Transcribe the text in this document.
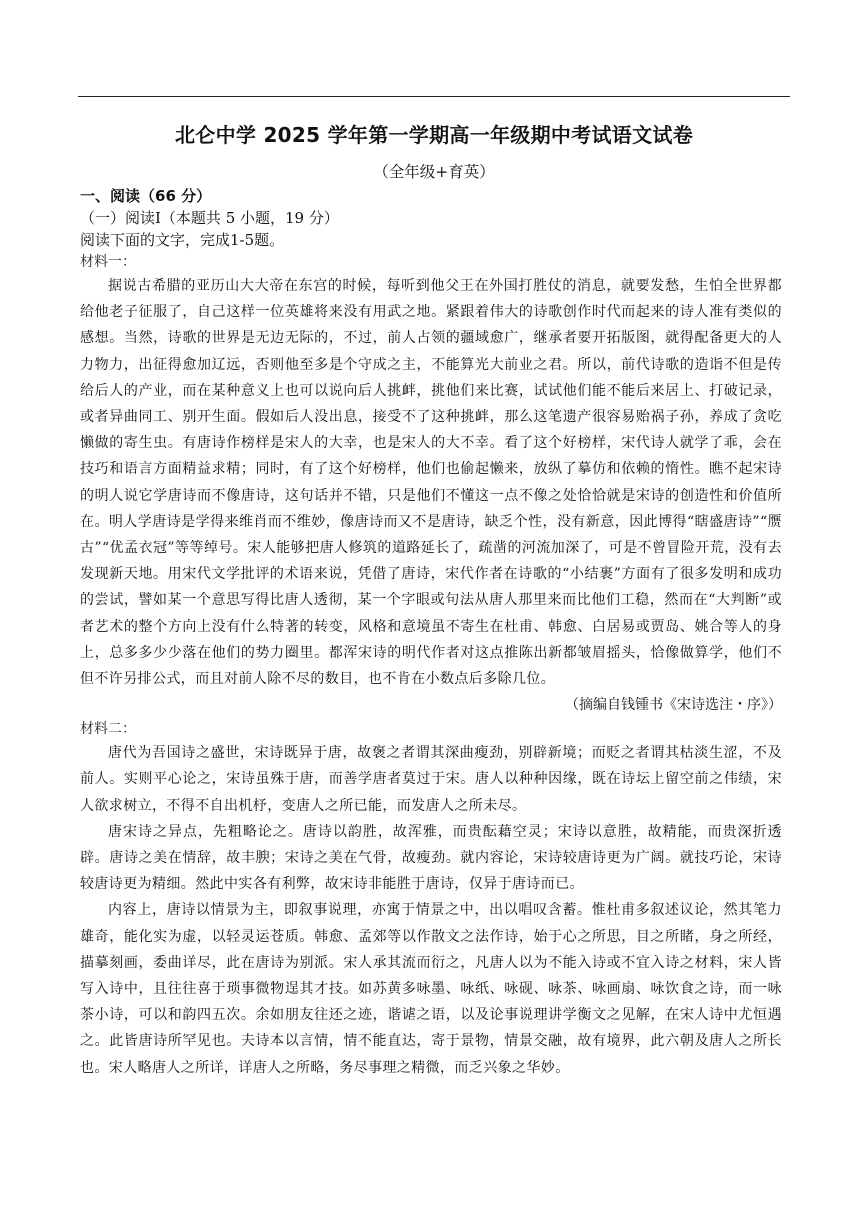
北仑中学 2025 学年第一学期高一年级期中考试语文试卷

（全年级+育英）

一、阅读（66 分）

（一）阅读Ⅰ（本题共 5 小题，19 分）

阅读下面的文字，完成1-5题。

材料一：

据说古希腊的亚历山大大帝在东宫的时候，每听到他父王在外国打胜仗的消息，就要发愁，生怕全世界都给他老子征服了，自己这样一位英雄将来没有用武之地。紧跟着伟大的诗歌创作时代而起来的诗人准有类似的感想。当然，诗歌的世界是无边无际的，不过，前人占领的疆域愈广，继承者要开拓版图，就得配备更大的人力物力，出征得愈加辽远，否则他至多是个守成之主，不能算光大前业之君。所以，前代诗歌的造诣不但是传给后人的产业，而在某种意义上也可以说向后人挑衅，挑他们来比赛，试试他们能不能后来居上、打破记录，或者异曲同工、别开生面。假如后人没出息，接受不了这种挑衅，那么这笔遗产很容易贻祸子孙，养成了贪吃懒做的寄生虫。有唐诗作榜样是宋人的大幸，也是宋人的大不幸。看了这个好榜样，宋代诗人就学了乖，会在技巧和语言方面精益求精；同时，有了这个好榜样，他们也偷起懒来，放纵了摹仿和依赖的惰性。瞧不起宋诗的明人说它学唐诗而不像唐诗，这句话并不错，只是他们不懂这一点不像之处恰恰就是宋诗的创造性和价值所在。明人学唐诗是学得来维肖而不维妙，像唐诗而又不是唐诗，缺乏个性，没有新意，因此博得“瞎盛唐诗”“赝古”“优孟衣冠”等等绰号。宋人能够把唐人修筑的道路延长了，疏凿的河流加深了，可是不曾冒险开荒，没有去发现新天地。用宋代文学批评的术语来说，凭借了唐诗，宋代作者在诗歌的“小结裹”方面有了很多发明和成功的尝试，譬如某一个意思写得比唐人透彻，某一个字眼或句法从唐人那里来而比他们工稳，然而在“大判断”或者艺术的整个方向上没有什么特著的转变，风格和意境虽不寄生在杜甫、韩愈、白居易或贾岛、姚合等人的身上，总多多少少落在他们的势力圈里。都浑宋诗的明代作者对这点推陈出新都皱眉摇头，恰像做算学，他们不但不许另排公式，而且对前人除不尽的数目，也不肯在小数点后多除几位。

（摘编自钱锺书《宋诗选注・序》）

材料二：

唐代为吾国诗之盛世，宋诗既异于唐，故褒之者谓其深曲瘦劲，别辟新境；而贬之者谓其枯淡生涩，不及前人。实则平心论之，宋诗虽殊于唐，而善学唐者莫过于宋。唐人以种种因缘，既在诗坛上留空前之伟绩，宋人欲求树立，不得不自出机杼，变唐人之所已能，而发唐人之所未尽。

唐宋诗之异点，先粗略论之。唐诗以韵胜，故浑雅，而贵酝藉空灵；宋诗以意胜，故精能，而贵深折透辟。唐诗之美在情辞，故丰腴；宋诗之美在气骨，故瘦劲。就内容论，宋诗较唐诗更为广阔。就技巧论，宋诗较唐诗更为精细。然此中实各有利弊，故宋诗非能胜于唐诗，仅异于唐诗而已。

内容上，唐诗以情景为主，即叙事说理，亦寓于情景之中，出以唱叹含蓄。惟杜甫多叙述议论，然其笔力雄奇，能化实为虚，以轻灵运苍质。韩愈、孟郊等以作散文之法作诗，始于心之所思，目之所睹，身之所经，描摹刻画，委曲详尽，此在唐诗为别派。宋人承其流而衍之，凡唐人以为不能入诗或不宜入诗之材料，宋人皆写入诗中，且往往喜于琐事微物逞其才技。如苏黄多咏墨、咏纸、咏砚、咏茶、咏画扇、咏饮食之诗，而一咏茶小诗，可以和韵四五次。余如朋友往还之迹，谐谑之语，以及论事说理讲学衡文之见解，在宋人诗中尤恒遇之。此皆唐诗所罕见也。夫诗本以言情，情不能直达，寄于景物，情景交融，故有境界，此六朝及唐人之所长也。宋人略唐人之所详，详唐人之所略，务尽事理之精微，而乏兴象之华妙。
